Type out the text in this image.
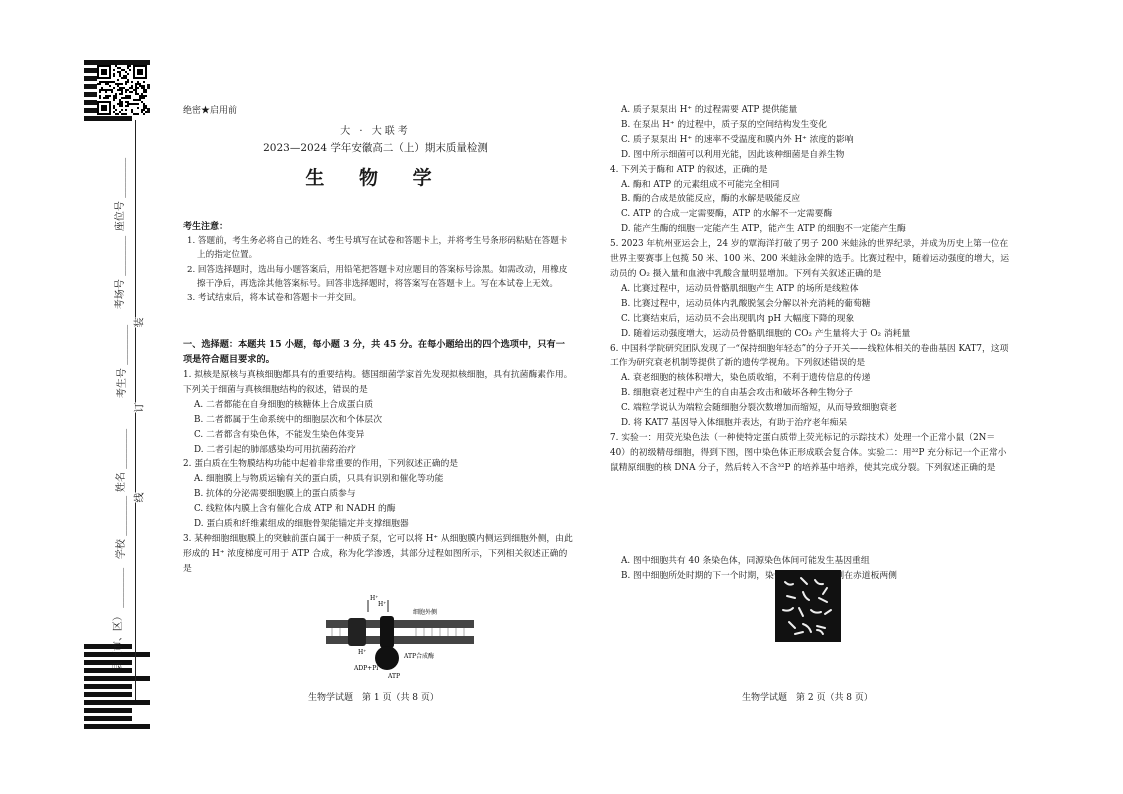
座位号 ________
考场号 ________
考生号 ________
姓名 ________
学校 ________
县（市、区） ________
装
订
线
绝密★启用前
大 · 大联考
2023—2024 学年安徽高二（上）期末质量检测
生 物 学
考生注意：
1. 答题前，考生务必将自己的姓名、考生号填写在试卷和答题卡上，并将考生号条形码粘贴在答题卡上的指定位置。
2. 回答选择题时，选出每小题答案后，用铅笔把答题卡对应题目的答案标号涂黑。如需改动，用橡皮擦干净后，再选涂其他答案标号。回答非选择题时，将答案写在答题卡上。写在本试卷上无效。
3. 考试结束后，将本试卷和答题卡一并交回。
一、选择题：本题共 15 小题，每小题 3 分，共 45 分。在每小题给出的四个选项中，只有一项是符合题目要求的。
1. 拟核是原核与真核细胞都具有的重要结构。德国细菌学家首先发现拟核细胞，具有抗菌酶素作用。下列关于细菌与真核细胞结构的叙述，错误的是
A. 二者都能在自身细胞的核糖体上合成蛋白质
B. 二者都属于生命系统中的细胞层次和个体层次
C. 二者都含有染色体，不能发生染色体变异
D. 二者引起的肺部感染均可用抗菌药治疗
2. 蛋白质在生物膜结构功能中起着非常重要的作用，下列叙述正确的是
A. 细胞膜上与物质运输有关的蛋白质，只具有识别和催化等功能
B. 抗体的分泌需要细胞膜上的蛋白质参与
C. 线粒体内膜上含有催化合成 ATP 和 NADH 的酶
D. 蛋白质和纤维素组成的细胞骨架能锚定并支撑细胞器
3. 某种细胞细胞膜上的突触前蛋白属于一种质子泵，它可以将 H⁺ 从细胞膜内侧运到细胞外侧，由此形成的 H⁺ 浓度梯度可用于 ATP 合成，称为化学渗透，其部分过程如图所示，下列相关叙述正确的是
H⁺
H⁺
H⁺
细胞外侧
ATP合成酶
ADP+Pi
ATP
生物学试题　第 1 页（共 8 页）
A. 质子泵泵出 H⁺ 的过程需要 ATP 提供能量
B. 在泵出 H⁺ 的过程中，质子泵的空间结构发生变化
C. 质子泵泵出 H⁺ 的速率不受温度和膜内外 H⁺ 浓度的影响
D. 图中所示细菌可以利用光能，因此该种细菌是自养生物
4. 下列关于酶和 ATP 的叙述，正确的是
A. 酶和 ATP 的元素组成不可能完全相同
B. 酶的合成是放能反应，酶的水解是吸能反应
C. ATP 的合成一定需要酶，ATP 的水解不一定需要酶
D. 能产生酶的细胞一定能产生 ATP，能产生 ATP 的细胞不一定能产生酶
5. 2023 年杭州亚运会上，24 岁的覃海洋打破了男子 200 米蛙泳的世界纪录，并成为历史上第一位在世界主要赛事上包揽 50 米、100 米、200 米蛙泳金牌的选手。比赛过程中，随着运动强度的增大，运动员的 O₂ 摄入量和血液中乳酸含量明显增加。下列有关叙述正确的是
A. 比赛过程中，运动员骨骼肌细胞产生 ATP 的场所是线粒体
B. 比赛过程中，运动员体内乳酸脱氢会分解以补充消耗的葡萄糖
C. 比赛结束后，运动员不会出现肌肉 pH 大幅度下降的现象
D. 随着运动强度增大，运动员骨骼肌细胞的 CO₂ 产生量将大于 O₂ 消耗量
6. 中国科学院研究团队发现了一“保持细胞年轻态”的分子开关——线粒体相关的卷曲基因 KAT7，这项工作为研究衰老机制等提供了新的遗传学视角。下列叙述错误的是
A. 衰老细胞的核体积增大，染色质收缩，不利于遗传信息的传递
B. 细胞衰老过程中产生的自由基会攻击和破坏各种生物分子
C. 端粒学说认为端粒会随细胞分裂次数增加而缩短，从而导致细胞衰老
D. 将 KAT7 基因导入体细胞并表达，有助于治疗老年痴呆
7. 实验一：用荧光染色法（一种使特定蛋白质带上荧光标记的示踪技术）处理一个正常小鼠（2N＝40）的初级精母细胞，得到下图，图中染色体正形成联会复合体。实验二：用³²P 充分标记一个正常小鼠精原细胞的核 DNA 分子，然后转入不含³²P 的培养基中培养，使其完成分裂。下列叙述正确的是
A. 图中细胞共有 40 条染色体，同源染色体间可能发生基因重组
B. 图中细胞所处时期的下一个时期，染色体着丝粒可排列在赤道板两侧
生物学试题　第 2 页（共 8 页）
